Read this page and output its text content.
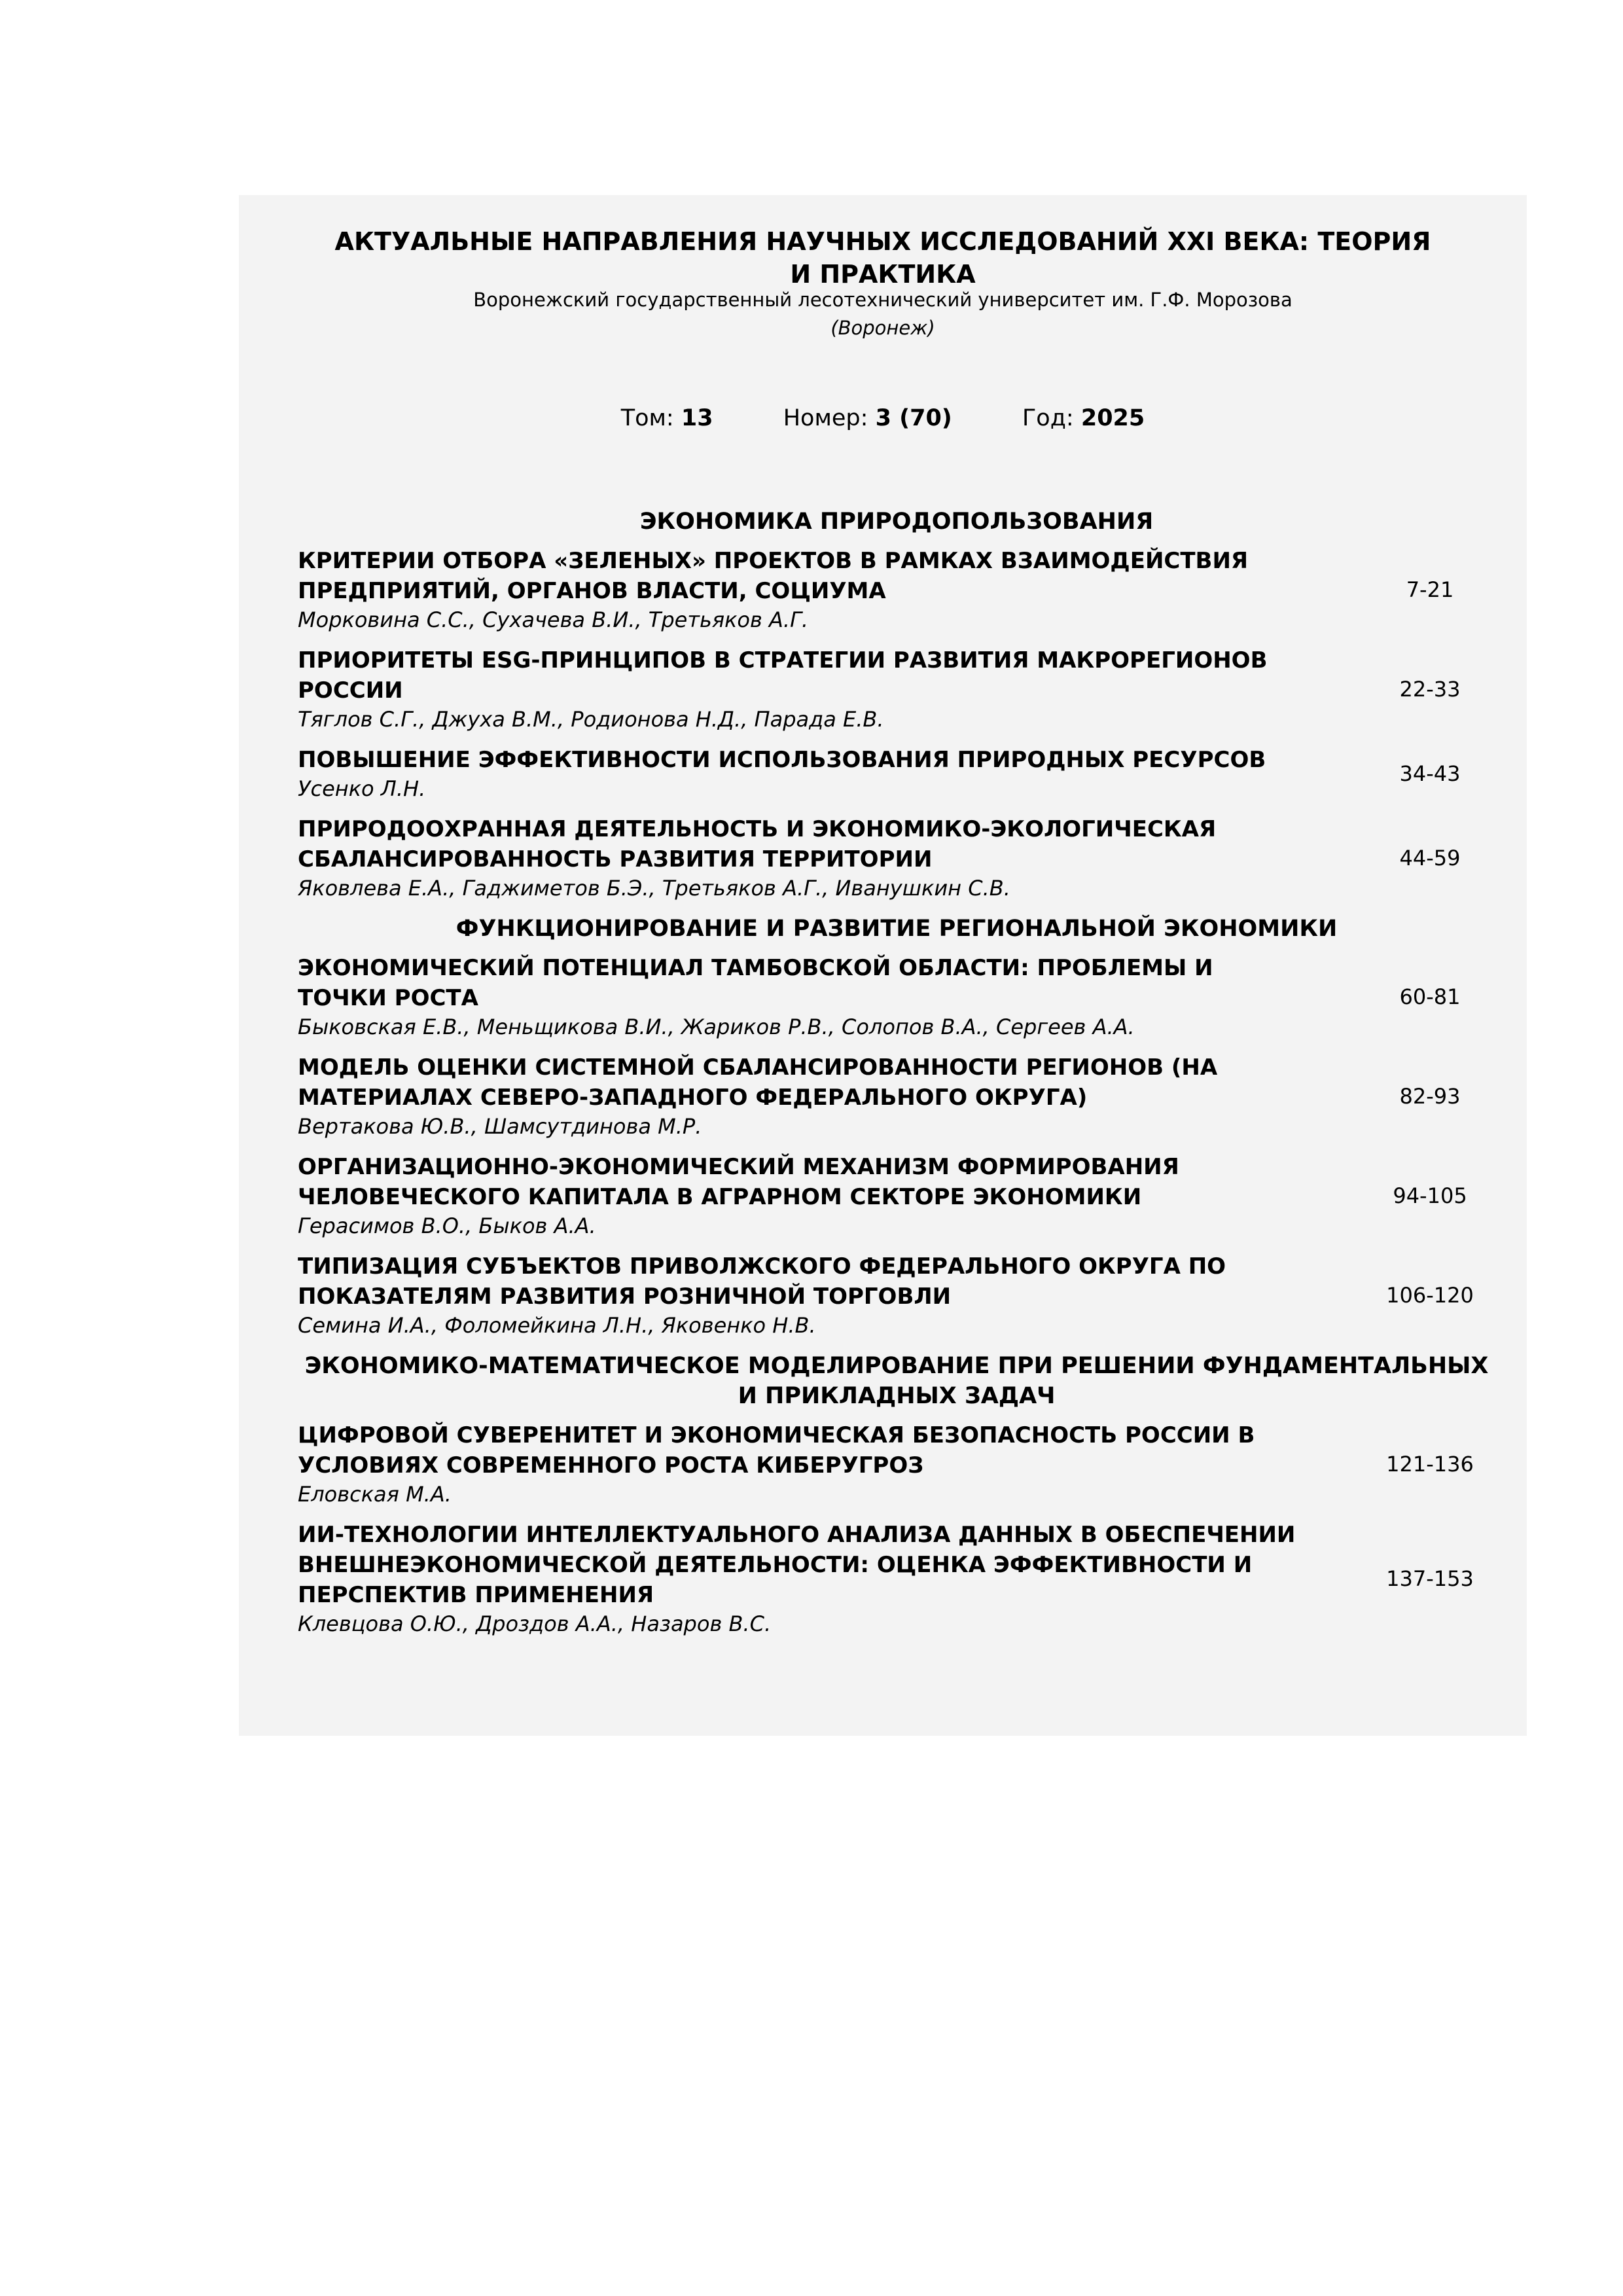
АКТУАЛЬНЫЕ НАПРАВЛЕНИЯ НАУЧНЫХ ИССЛЕДОВАНИЙ XXI ВЕКА: ТЕОРИЯ И ПРАКТИКА
Воронежский государственный лесотехнический университет им. Г.Ф. Морозова
(Воронеж)
Том: 13	Номер: 3 (70)	Год: 2025
ЭКОНОМИКА ПРИРОДОПОЛЬЗОВАНИЯ
КРИТЕРИИ ОТБОРА «ЗЕЛЕНЫХ» ПРОЕКТОВ В РАМКАХ ВЗАИМОДЕЙСТВИЯ ПРЕДПРИЯТИЙ, ОРГАНОВ ВЛАСТИ, СОЦИУМА
Морковина С.С., Сухачева В.И., Третьяков А.Г.
7-21
ПРИОРИТЕТЫ ESG-ПРИНЦИПОВ В СТРАТЕГИИ РАЗВИТИЯ МАКРОРЕГИОНОВ РОССИИ
Тяглов С.Г., Джуха В.М., Родионова Н.Д., Парада Е.В.
22-33
ПОВЫШЕНИЕ ЭФФЕКТИВНОСТИ ИСПОЛЬЗОВАНИЯ ПРИРОДНЫХ РЕСУРСОВ
Усенко Л.Н.
34-43
ПРИРОДООХРАННАЯ ДЕЯТЕЛЬНОСТЬ И ЭКОНОМИКО-ЭКОЛОГИЧЕСКАЯ СБАЛАНСИРОВАННОСТЬ РАЗВИТИЯ ТЕРРИТОРИИ
Яковлева Е.А., Гаджиметов Б.Э., Третьяков А.Г., Иванушкин С.В.
44-59
ФУНКЦИОНИРОВАНИЕ И РАЗВИТИЕ РЕГИОНАЛЬНОЙ ЭКОНОМИКИ
ЭКОНОМИЧЕСКИЙ ПОТЕНЦИАЛ ТАМБОВСКОЙ ОБЛАСТИ: ПРОБЛЕМЫ И ТОЧКИ РОСТА
Быковская Е.В., Меньщикова В.И., Жариков Р.В., Солопов В.А., Сергеев А.А.
60-81
МОДЕЛЬ ОЦЕНКИ СИСТЕМНОЙ СБАЛАНСИРОВАННОСТИ РЕГИОНОВ (НА МАТЕРИАЛАХ СЕВЕРО-ЗАПАДНОГО ФЕДЕРАЛЬНОГО ОКРУГА)
Вертакова Ю.В., Шамсутдинова М.Р.
82-93
ОРГАНИЗАЦИОННО-ЭКОНОМИЧЕСКИЙ МЕХАНИЗМ ФОРМИРОВАНИЯ ЧЕЛОВЕЧЕСКОГО КАПИТАЛА В АГРАРНОМ СЕКТОРЕ ЭКОНОМИКИ
Герасимов В.О., Быков А.А.
94-105
ТИПИЗАЦИЯ СУБЪЕКТОВ ПРИВОЛЖСКОГО ФЕДЕРАЛЬНОГО ОКРУГА ПО ПОКАЗАТЕЛЯМ РАЗВИТИЯ РОЗНИЧНОЙ ТОРГОВЛИ
Семина И.А., Фоломейкина Л.Н., Яковенко Н.В.
106-120
ЭКОНОМИКО-МАТЕМАТИЧЕСКОЕ МОДЕЛИРОВАНИЕ ПРИ РЕШЕНИИ ФУНДАМЕНТАЛЬНЫХ И ПРИКЛАДНЫХ ЗАДАЧ
ЦИФРОВОЙ СУВЕРЕНИТЕТ И ЭКОНОМИЧЕСКАЯ БЕЗОПАСНОСТЬ РОССИИ В УСЛОВИЯХ СОВРЕМЕННОГО РОСТА КИБЕРУГРОЗ
Еловская М.А.
121-136
ИИ-ТЕХНОЛОГИИ ИНТЕЛЛЕКТУАЛЬНОГО АНАЛИЗА ДАННЫХ В ОБЕСПЕЧЕНИИ ВНЕШНЕЭКОНОМИЧЕСКОЙ ДЕЯТЕЛЬНОСТИ: ОЦЕНКА ЭФФЕКТИВНОСТИ И ПЕРСПЕКТИВ ПРИМЕНЕНИЯ
Клевцова О.Ю., Дроздов А.А., Назаров В.С.
137-153
